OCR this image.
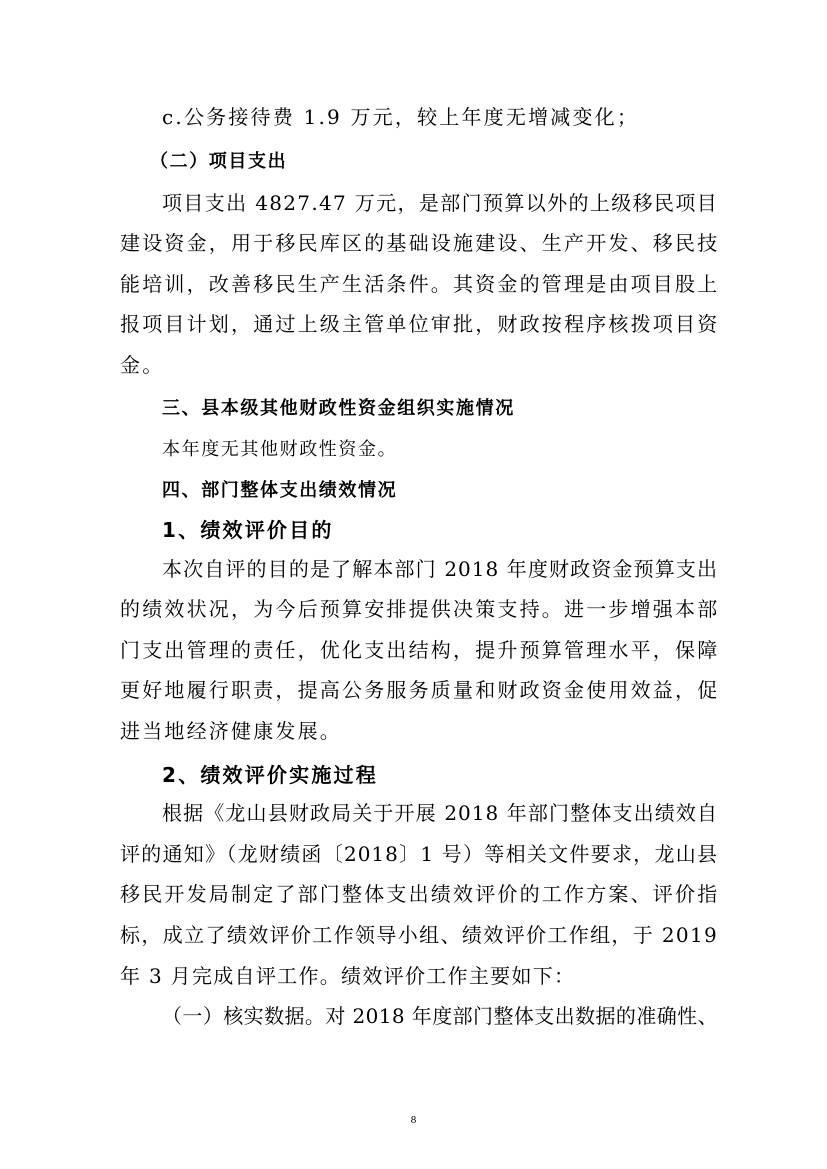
c.公务接待费 1.9 万元，较上年度无增减变化；
（二）项目支出
项目支出 4827.47 万元，是部门预算以外的上级移民项目
建设资金，用于移民库区的基础设施建设、生产开发、移民技
能培训，改善移民生产生活条件。其资金的管理是由项目股上
报项目计划，通过上级主管单位审批，财政按程序核拨项目资
金。
三、县本级其他财政性资金组织实施情况
本年度无其他财政性资金。
四、部门整体支出绩效情况
1、绩效评价目的
本次自评的目的是了解本部门 2018 年度财政资金预算支出
的绩效状况，为今后预算安排提供决策支持。进一步增强本部
门支出管理的责任，优化支出结构，提升预算管理水平，保障
更好地履行职责，提高公务服务质量和财政资金使用效益，促
进当地经济健康发展。
2、绩效评价实施过程
根据《龙山县财政局关于开展 2018 年部门整体支出绩效自
评的通知》（龙财绩函〔2018〕1 号）等相关文件要求，龙山县
移民开发局制定了部门整体支出绩效评价的工作方案、评价指
标，成立了绩效评价工作领导小组、绩效评价工作组，于 2019
年 3 月完成自评工作。绩效评价工作主要如下：
（一）核实数据。对 2018 年度部门整体支出数据的准确性、
8
